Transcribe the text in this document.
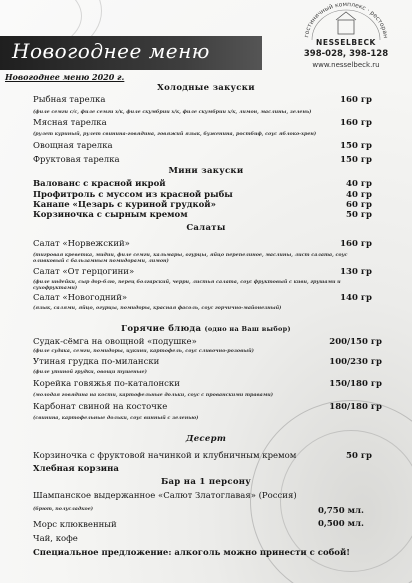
Новогоднее меню
гостиничный комплекс · ресторан
NESSELBECK
398-028, 398-128
www.nesselbeck.ru
Новогоднее меню 2020 г.
Холодные закуски
Рыбная тарелка	160 гр
(филе семги с/с, филе семги х/к, филе скумбрии х/к, филе скумбрии х/к, лимон, маслины, зелень)
Мясная тарелка	160 гр
(рулет куриный, рулет свинина-говядина, говяжий язык, буженина, ростбиф, соус яблоко-хрен)
Овощная тарелка	150 гр
Фруктовая тарелка	150 гр
Мини закуски
Валованс с красной икрой	40 гр
Профитроль с муссом из красной рыбы	40 гр
Канапе «Цезарь с куриной грудкой»	60 гр
Корзиночка с сырным кремом	50 гр
Салаты
Салат «Норвежский»	160 гр
(тигровая креветка, мидии, филе семги, кальмары, огурцы, яйцо перепелиное, маслины, лист салата, соус
оливковый с бальзамным помидорами, лимон)
Салат «От герцогини»	130 гр
(филе индейки, сыр дор-блю, перец болгарский, черри, листья салата, соус фруктовый с киви, грушами и
сухофруктами)
Салат «Новогодний»	140 гр
(язык, салями, яйцо, огурцы, помидоры, красная фасоль, соус горчично-майонезный)
Горячие блюда (одно на Ваш выбор)
Судак-сёмга на овощной «подушке»	200/150 гр
(филе судака, семги, помидоры, цукини, картофель, соус сливочно-розовый)
Утиная грудка по-милански	100/230 гр
(филе утиной грудки, овощи тушеные)
Корейка говяжья по-каталонски	150/180 гр
(молодая говядина на кости, картофельные дольки, соус с прованскими травами)
Карбонат свиной на косточке	180/180 гр
(свинина, картофельные дольки, соус винный с зеленью)
Десерт
Корзиночка с фруктовой начинкой и клубничным кремом	50 гр
Хлебная корзина
Бар на 1 персону
Шампанское выдержанное «Салют Златоглавая» (Россия)
(брют, полусладкое)	0,750 мл.
Морс клюквенный	0,500 мл.
Чай, кофе
Специальное предложение: алкоголь можно принести с собой!
